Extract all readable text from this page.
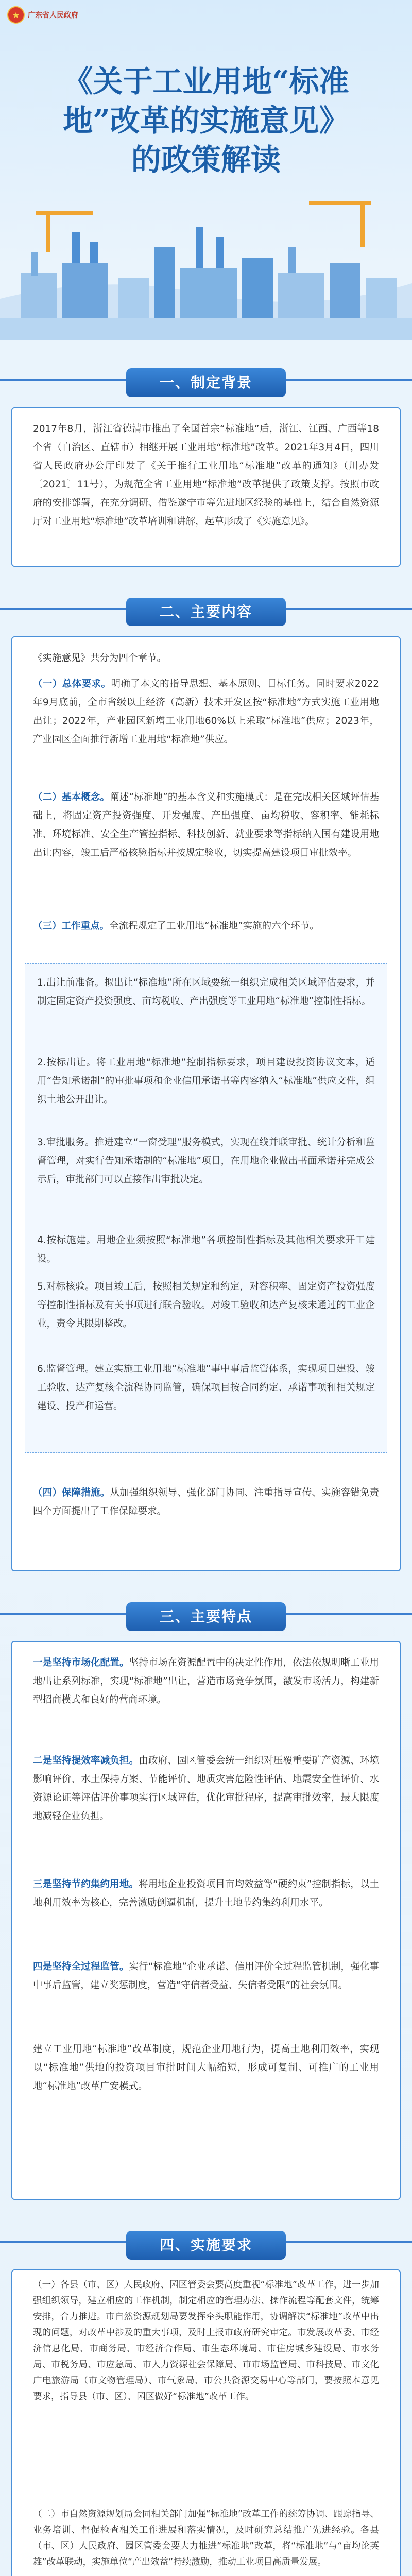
★	广东省人民政府
《关于工业用地“标准
地”改革的实施意见》
的政策解读
一、制定背景
2017年8月，浙江省德清市推出了全国首宗“标准地”后，浙江、江西、广西等18个省（自治区、直辖市）相继开展工业用地“标准地”改革。2021年3月4日，四川省人民政府办公厅印发了《关于推行工业用地“标准地”改革的通知》（川办发〔2021〕11号），为规范全省工业用地“标准地”改革提供了政策支撑。按照市政府的安排部署，在充分调研、借鉴遂宁市等先进地区经验的基础上，结合自然资源厅对工业用地“标准地”改革培训和讲解，起草形成了《实施意见》。
二、主要内容
《实施意见》共分为四个章节。
（一）总体要求。明确了本文的指导思想、基本原则、目标任务。同时要求2022年9月底前，全市省级以上经济（高新）技术开发区按“标准地”方式实施工业用地出让；2022年，产业园区新增工业用地60%以上采取“标准地”供应；2023年，产业园区全面推行新增工业用地“标准地”供应。
（二）基本概念。阐述“标准地”的基本含义和实施模式：是在完成相关区域评估基础上，将固定资产投资强度、开发强度、产出强度、亩均税收、容积率、能耗标准、环境标准、安全生产管控指标、科技创新、就业要求等指标纳入国有建设用地出让内容，竣工后严格核验指标并按规定验收，切实提高建设项目审批效率。
（三）工作重点。全流程规定了工业用地“标准地”实施的六个环节。
1.出让前准备。拟出让“标准地”所在区域要统一组织完成相关区域评估要求，并制定固定资产投资强度、亩均税收、产出强度等工业用地“标准地”控制性指标。
2.按标出让。将工业用地“标准地”控制指标要求，项目建设投资协议文本，适用“告知承诺制”的审批事项和企业信用承诺书等内容纳入“标准地”供应文件，组织土地公开出让。
3.审批服务。推进建立“一窗受理”服务模式，实现在线并联审批、统计分析和监督管理，对实行告知承诺制的“标准地”项目，在用地企业做出书面承诺并完成公示后，审批部门可以直接作出审批决定。
4.按标施建。用地企业须按照“标准地”各项控制性指标及其他相关要求开工建设。
5.对标核验。项目竣工后，按照相关规定和约定，对容积率、固定资产投资强度等控制性指标及有关事项进行联合验收。对竣工验收和达产复核未通过的工业企业，责令其限期整改。
6.监督管理。建立实施工业用地“标准地”事中事后监管体系，实现项目建设、竣工验收、达产复核全流程协同监管，确保项目按合同约定、承诺事项和相关规定建设、投产和运营。
（四）保障措施。从加强组织领导、强化部门协同、注重指导宣传、实施容错免责四个方面提出了工作保障要求。
三、主要特点
一是坚持市场化配置。坚持市场在资源配置中的决定性作用，依法依规明晰工业用地出让系列标准，实现“标准地”出让，营造市场竞争氛围，激发市场活力，构建新型招商模式和良好的营商环境。
二是坚持提效率减负担。由政府、园区管委会统一组织对压覆重要矿产资源、环境影响评价、水土保持方案、节能评价、地质灾害危险性评估、地震安全性评价、水资源论证等评估评价事项实行区域评估，优化审批程序，提高审批效率，最大限度地减轻企业负担。
三是坚持节约集约用地。将用地企业投资项目亩均效益等“硬约束”控制指标，以土地利用效率为核心，完善激励倒逼机制，提升土地节约集约利用水平。
四是坚持全过程监管。实行“标准地”企业承诺、信用评价全过程监管机制，强化事中事后监管，建立奖惩制度，营造“守信者受益、失信者受限”的社会氛围。
建立工业用地“标准地”改革制度，规范企业用地行为，提高土地利用效率，实现以“标准地”供地的投资项目审批时间大幅缩短，形成可复制、可推广的工业用地“标准地”改革广安模式。
四、实施要求
（一）各县（市、区）人民政府、园区管委会要高度重视“标准地”改革工作，进一步加强组织领导，建立相应的工作机制，制定相应的管理办法、操作流程等配套文件，统筹安排，合力推进。市自然资源规划局要发挥牵头职能作用，协调解决“标准地”改革中出现的问题，对改革中涉及的重大事项，及时上报市政府研究审定。市发展改革委、市经济信息化局、市商务局、市经济合作局、市生态环境局、市住房城乡建设局、市水务局、市税务局、市应急局、市人力资源社会保障局、市市场监管局、市科技局、市文化广电旅游局（市文物管理局）、市气象局、市公共资源交易中心等部门，要按照本意见要求，指导县（市、区）、园区做好“标准地”改革工作。
（二）市自然资源规划局会同相关部门加强“标准地”改革工作的统筹协调、跟踪指导、业务培训、督促检查相关工作进展和落实情况，及时研究总结推广先进经验。各县（市、区）人民政府、园区管委会要大力推进“标准地”改革，将“标准地”与“亩均论英雄”改革联动，实施单位“产出效益”持续激励，推动工业项目高质量发展。
